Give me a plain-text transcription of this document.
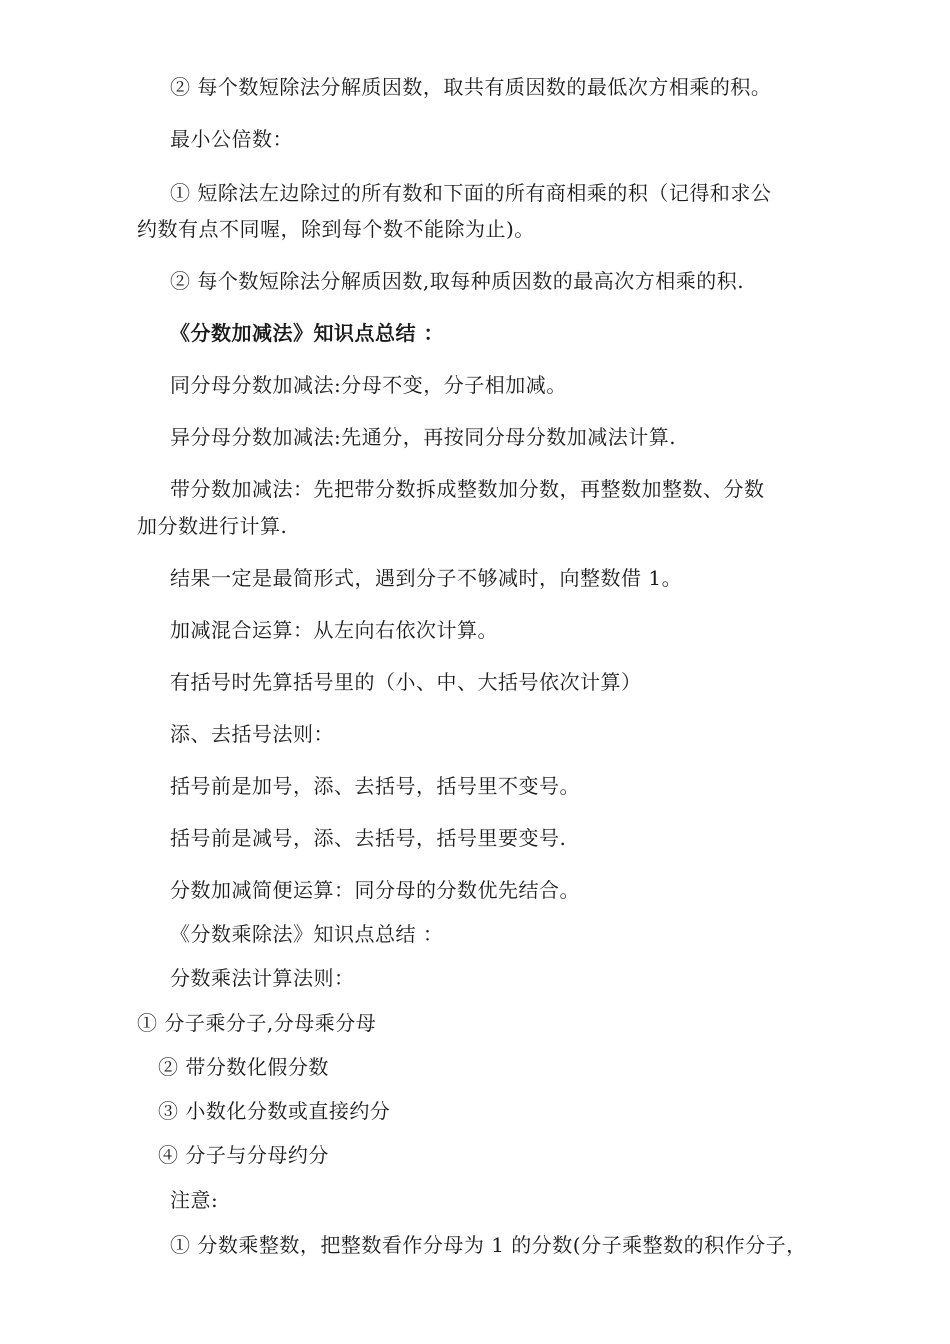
② 每个数短除法分解质因数，取共有质因数的最低次方相乘的积。
最小公倍数：
① 短除法左边除过的所有数和下面的所有商相乘的积（记得和求公
约数有点不同喔，除到每个数不能除为止)。
② 每个数短除法分解质因数,取每种质因数的最高次方相乘的积.
《分数加减法》知识点总结 ：
同分母分数加减法:分母不变，分子相加减。
异分母分数加减法:先通分，再按同分母分数加减法计算.
带分数加减法：先把带分数拆成整数加分数，再整数加整数、分数
加分数进行计算.
结果一定是最简形式，遇到分子不够减时，向整数借 1。
加减混合运算：从左向右依次计算。
有括号时先算括号里的（小、中、大括号依次计算）
添、去括号法则：
括号前是加号，添、去括号，括号里不变号。
括号前是减号，添、去括号，括号里要变号.
分数加减简便运算：同分母的分数优先结合。
《分数乘除法》知识点总结 ：
分数乘法计算法则：
① 分子乘分子,分母乘分母
② 带分数化假分数
③ 小数化分数或直接约分
④ 分子与分母约分
注意:
① 分数乘整数，把整数看作分母为 1 的分数(分子乘整数的积作分子，
